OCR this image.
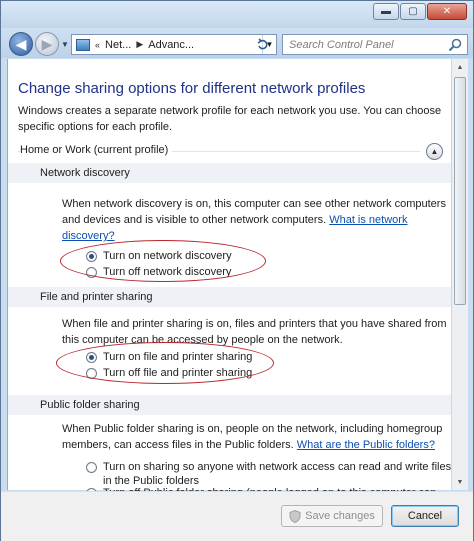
▬ ▢	✕
◀ ▶ ▼	« Net... ▶ Advanc...	▼ Search Control Panel
Change sharing options for different network profiles
Windows creates a separate network profile for each network you use. You can choose
specific options for each profile.
Home or Work (current profile)	▲
Network discovery
When network discovery is on, this computer can see other network computers
and devices and is visible to other network computers. What is network
discovery?
Turn on network discovery
Turn off network discovery
File and printer sharing
When file and printer sharing is on, files and printers that you have shared from
this computer can be accessed by people on the network.
Turn on file and printer sharing
Turn off file and printer sharing
Public folder sharing
When Public folder sharing is on, people on the network, including homegroup
members, can access files in the Public folders. What are the Public folders?
Turn on sharing so anyone with network access can read and write files
in the Public folders
▲
▼
Save changes	Cancel
